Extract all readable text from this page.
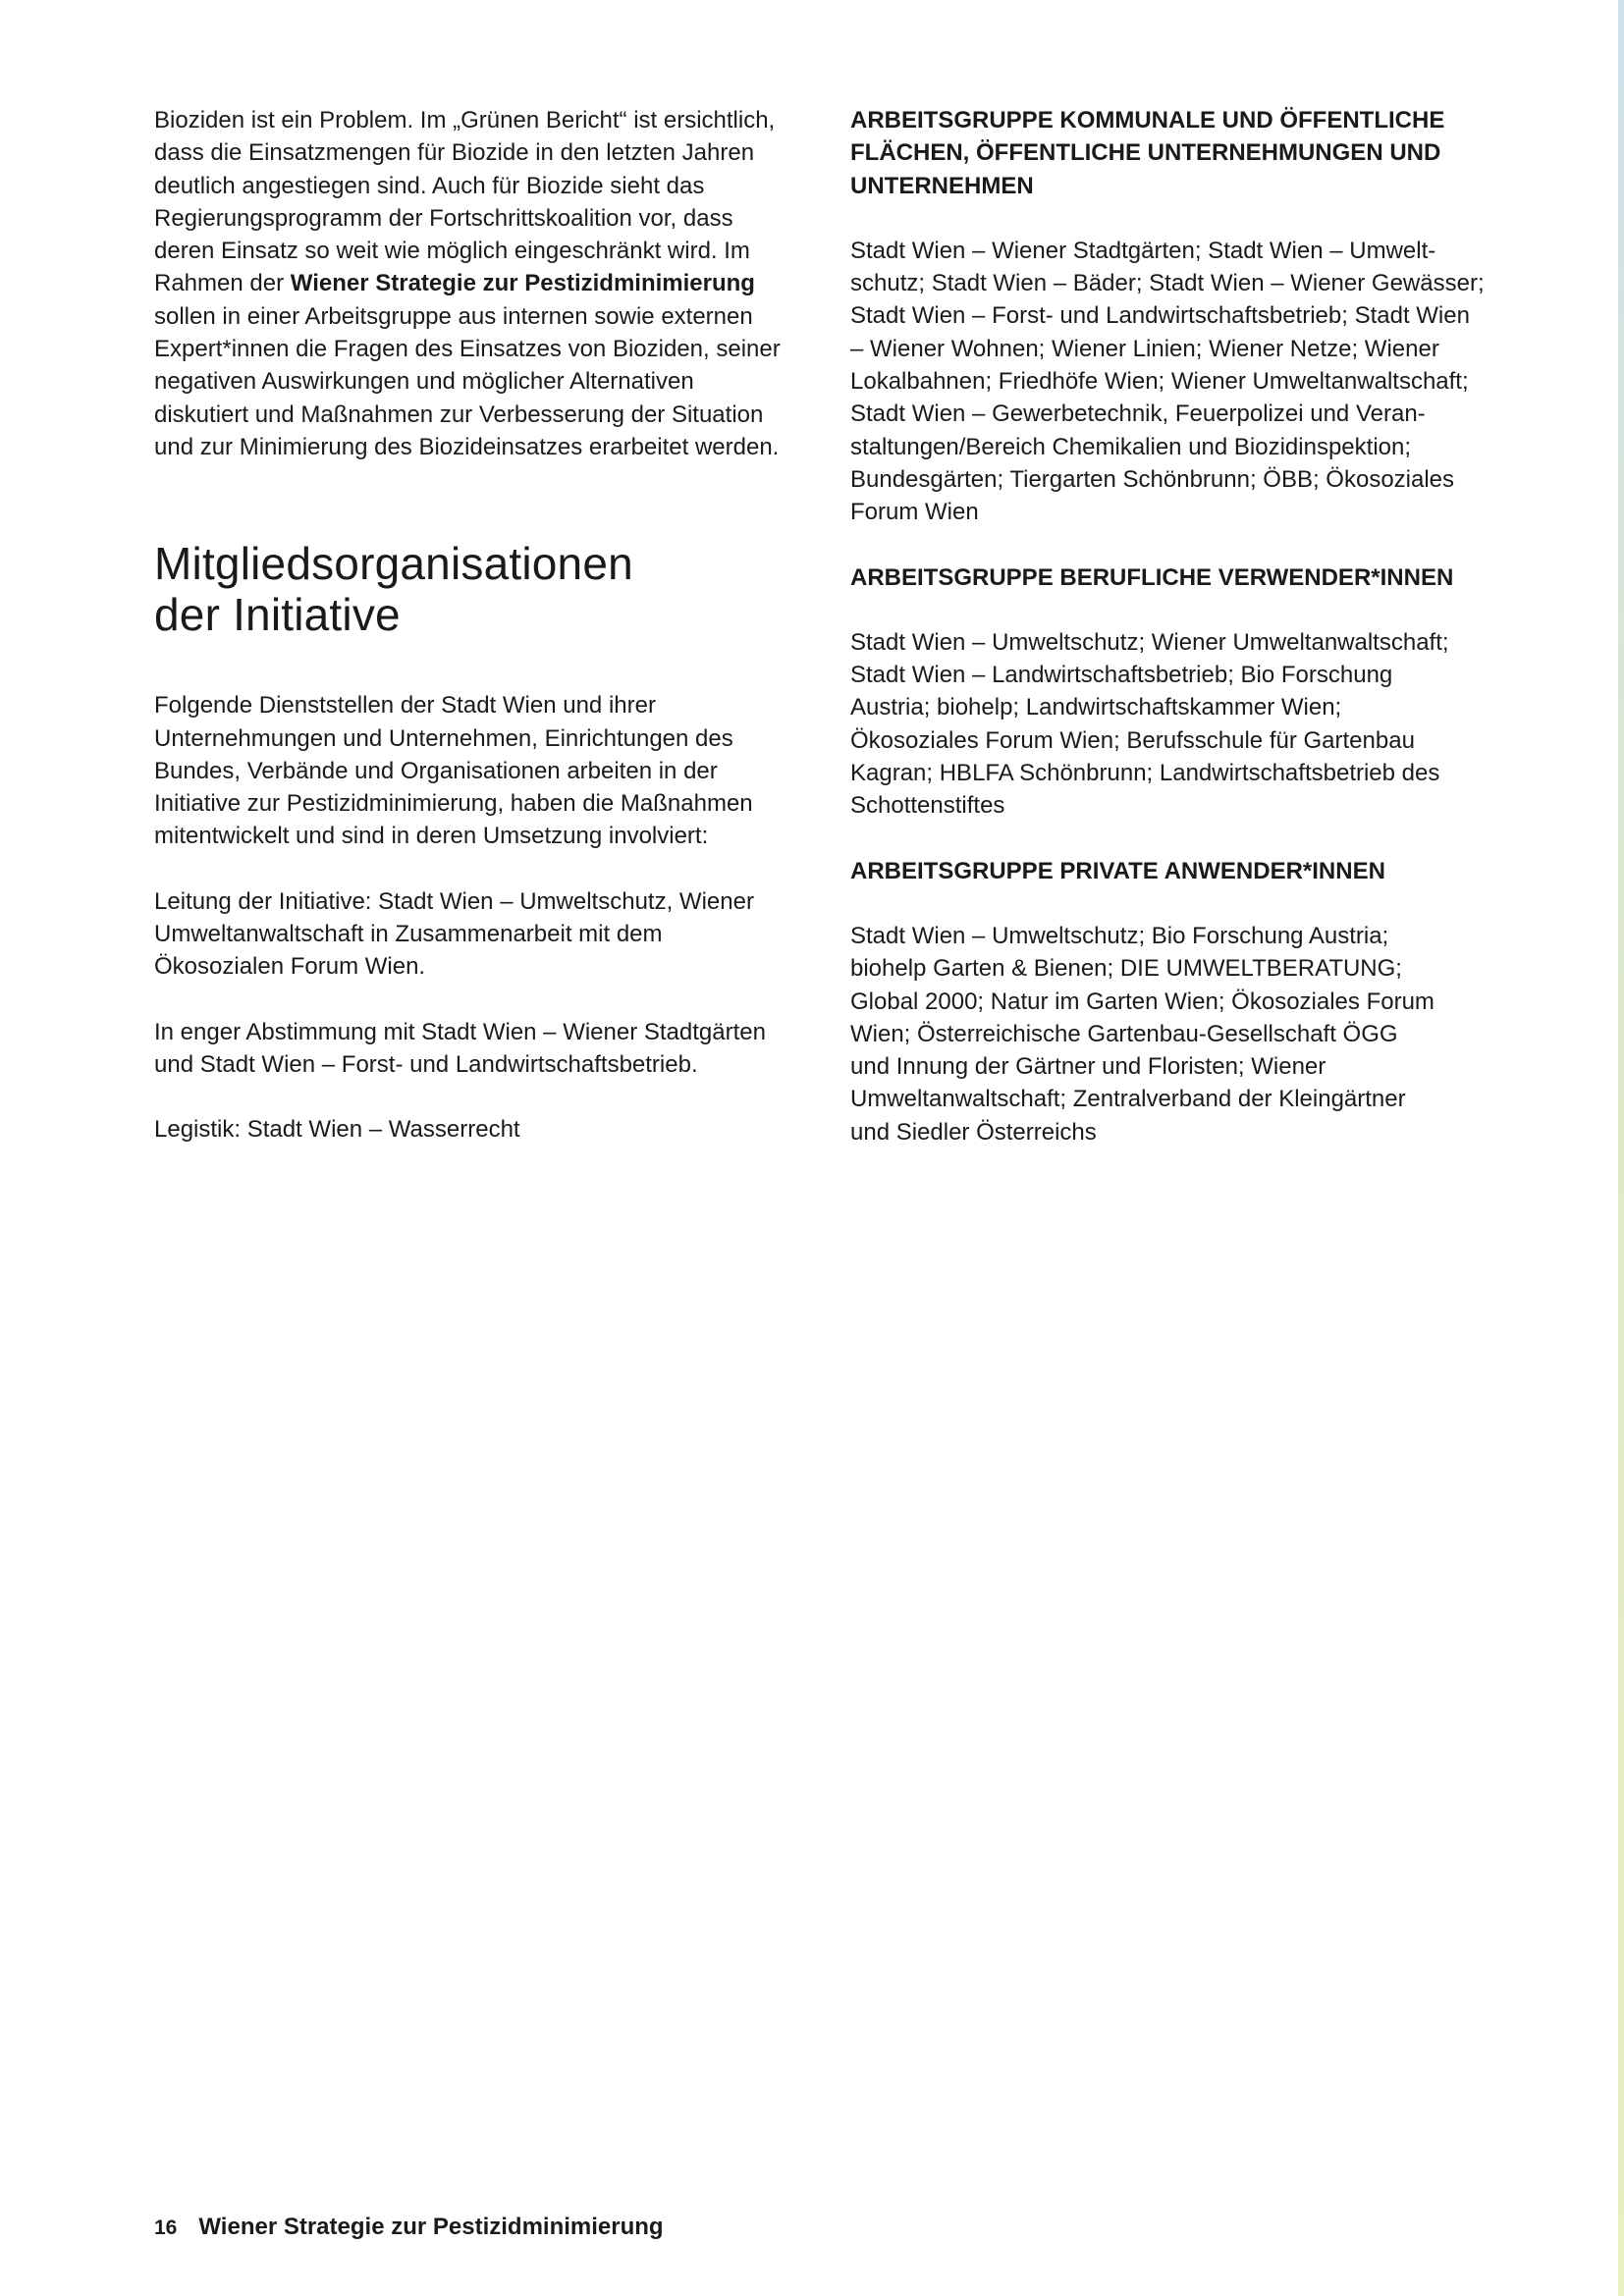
Bioziden ist ein Problem. Im „Grünen Bericht“ ist ersichtlich,
dass die Einsatzmengen für Biozide in den letzten Jahren
deutlich angestiegen sind. Auch für Biozide sieht das
Regierungsprogramm der Fortschrittskoalition vor, dass
deren Einsatz so weit wie möglich eingeschränkt wird. Im
Rahmen der Wiener Strategie zur Pestizidminimierung
sollen in einer Arbeitsgruppe aus internen sowie externen
Expert*innen die Fragen des Einsatzes von Bioziden, seiner
negativen Auswirkungen und möglicher Alternativen
diskutiert und Maßnahmen zur Verbesserung der Situation
und zur Minimierung des Biozideinsatzes erarbeitet werden.

Mitgliedsorganisationen
der Initiative

Folgende Dienststellen der Stadt Wien und ihrer
Unternehmungen und Unternehmen, Einrichtungen des
Bundes, Verbände und Organisationen arbeiten in der
Initiative zur Pestizidminimierung, haben die Maßnahmen
mitentwickelt und sind in deren Umsetzung involviert:

Leitung der Initiative: Stadt Wien – Umweltschutz, Wiener
Umweltanwaltschaft in Zusammenarbeit mit dem
Ökosozialen Forum Wien.

In enger Abstimmung mit Stadt Wien – Wiener Stadtgärten
und Stadt Wien – Forst- und Landwirtschaftsbetrieb.

Legistik: Stadt Wien – Wasserrecht

ARBEITSGRUPPE KOMMUNALE UND ÖFFENTLICHE
FLÄCHEN, ÖFFENTLICHE UNTERNEHMUNGEN UND
UNTERNEHMEN

Stadt Wien – Wiener Stadtgärten; Stadt Wien – Umwelt-
schutz; Stadt Wien – Bäder; Stadt Wien – Wiener Gewässer;
Stadt Wien – Forst- und Landwirtschaftsbetrieb; Stadt Wien
– Wiener Wohnen; Wiener Linien; Wiener Netze; Wiener
Lokalbahnen; Friedhöfe Wien; Wiener Umweltanwaltschaft;
Stadt Wien – Gewerbetechnik, Feuerpolizei und Veran-
staltungen/Bereich Chemikalien und Biozidinspektion;
Bundesgärten; Tiergarten Schönbrunn; ÖBB; Ökosoziales
Forum Wien

ARBEITSGRUPPE BERUFLICHE VERWENDER*INNEN

Stadt Wien – Umweltschutz; Wiener Umweltanwaltschaft;
Stadt Wien – Landwirtschaftsbetrieb; Bio Forschung
Austria; biohelp; Landwirtschaftskammer Wien;
Ökosoziales Forum Wien; Berufsschule für Gartenbau
Kagran; HBLFA Schönbrunn; Landwirtschaftsbetrieb des
Schottenstiftes

ARBEITSGRUPPE PRIVATE ANWENDER*INNEN

Stadt Wien – Umweltschutz; Bio Forschung Austria;
biohelp Garten & Bienen; DIE UMWELTBERATUNG;
Global 2000; Natur im Garten Wien; Ökosoziales Forum
Wien; Österreichische Gartenbau-Gesellschaft ÖGG
und Innung der Gärtner und Floristen; Wiener
Umweltanwaltschaft; Zentralverband der Kleingärtner
und Siedler Österreichs

16 Wiener Strategie zur Pestizidminimierung
